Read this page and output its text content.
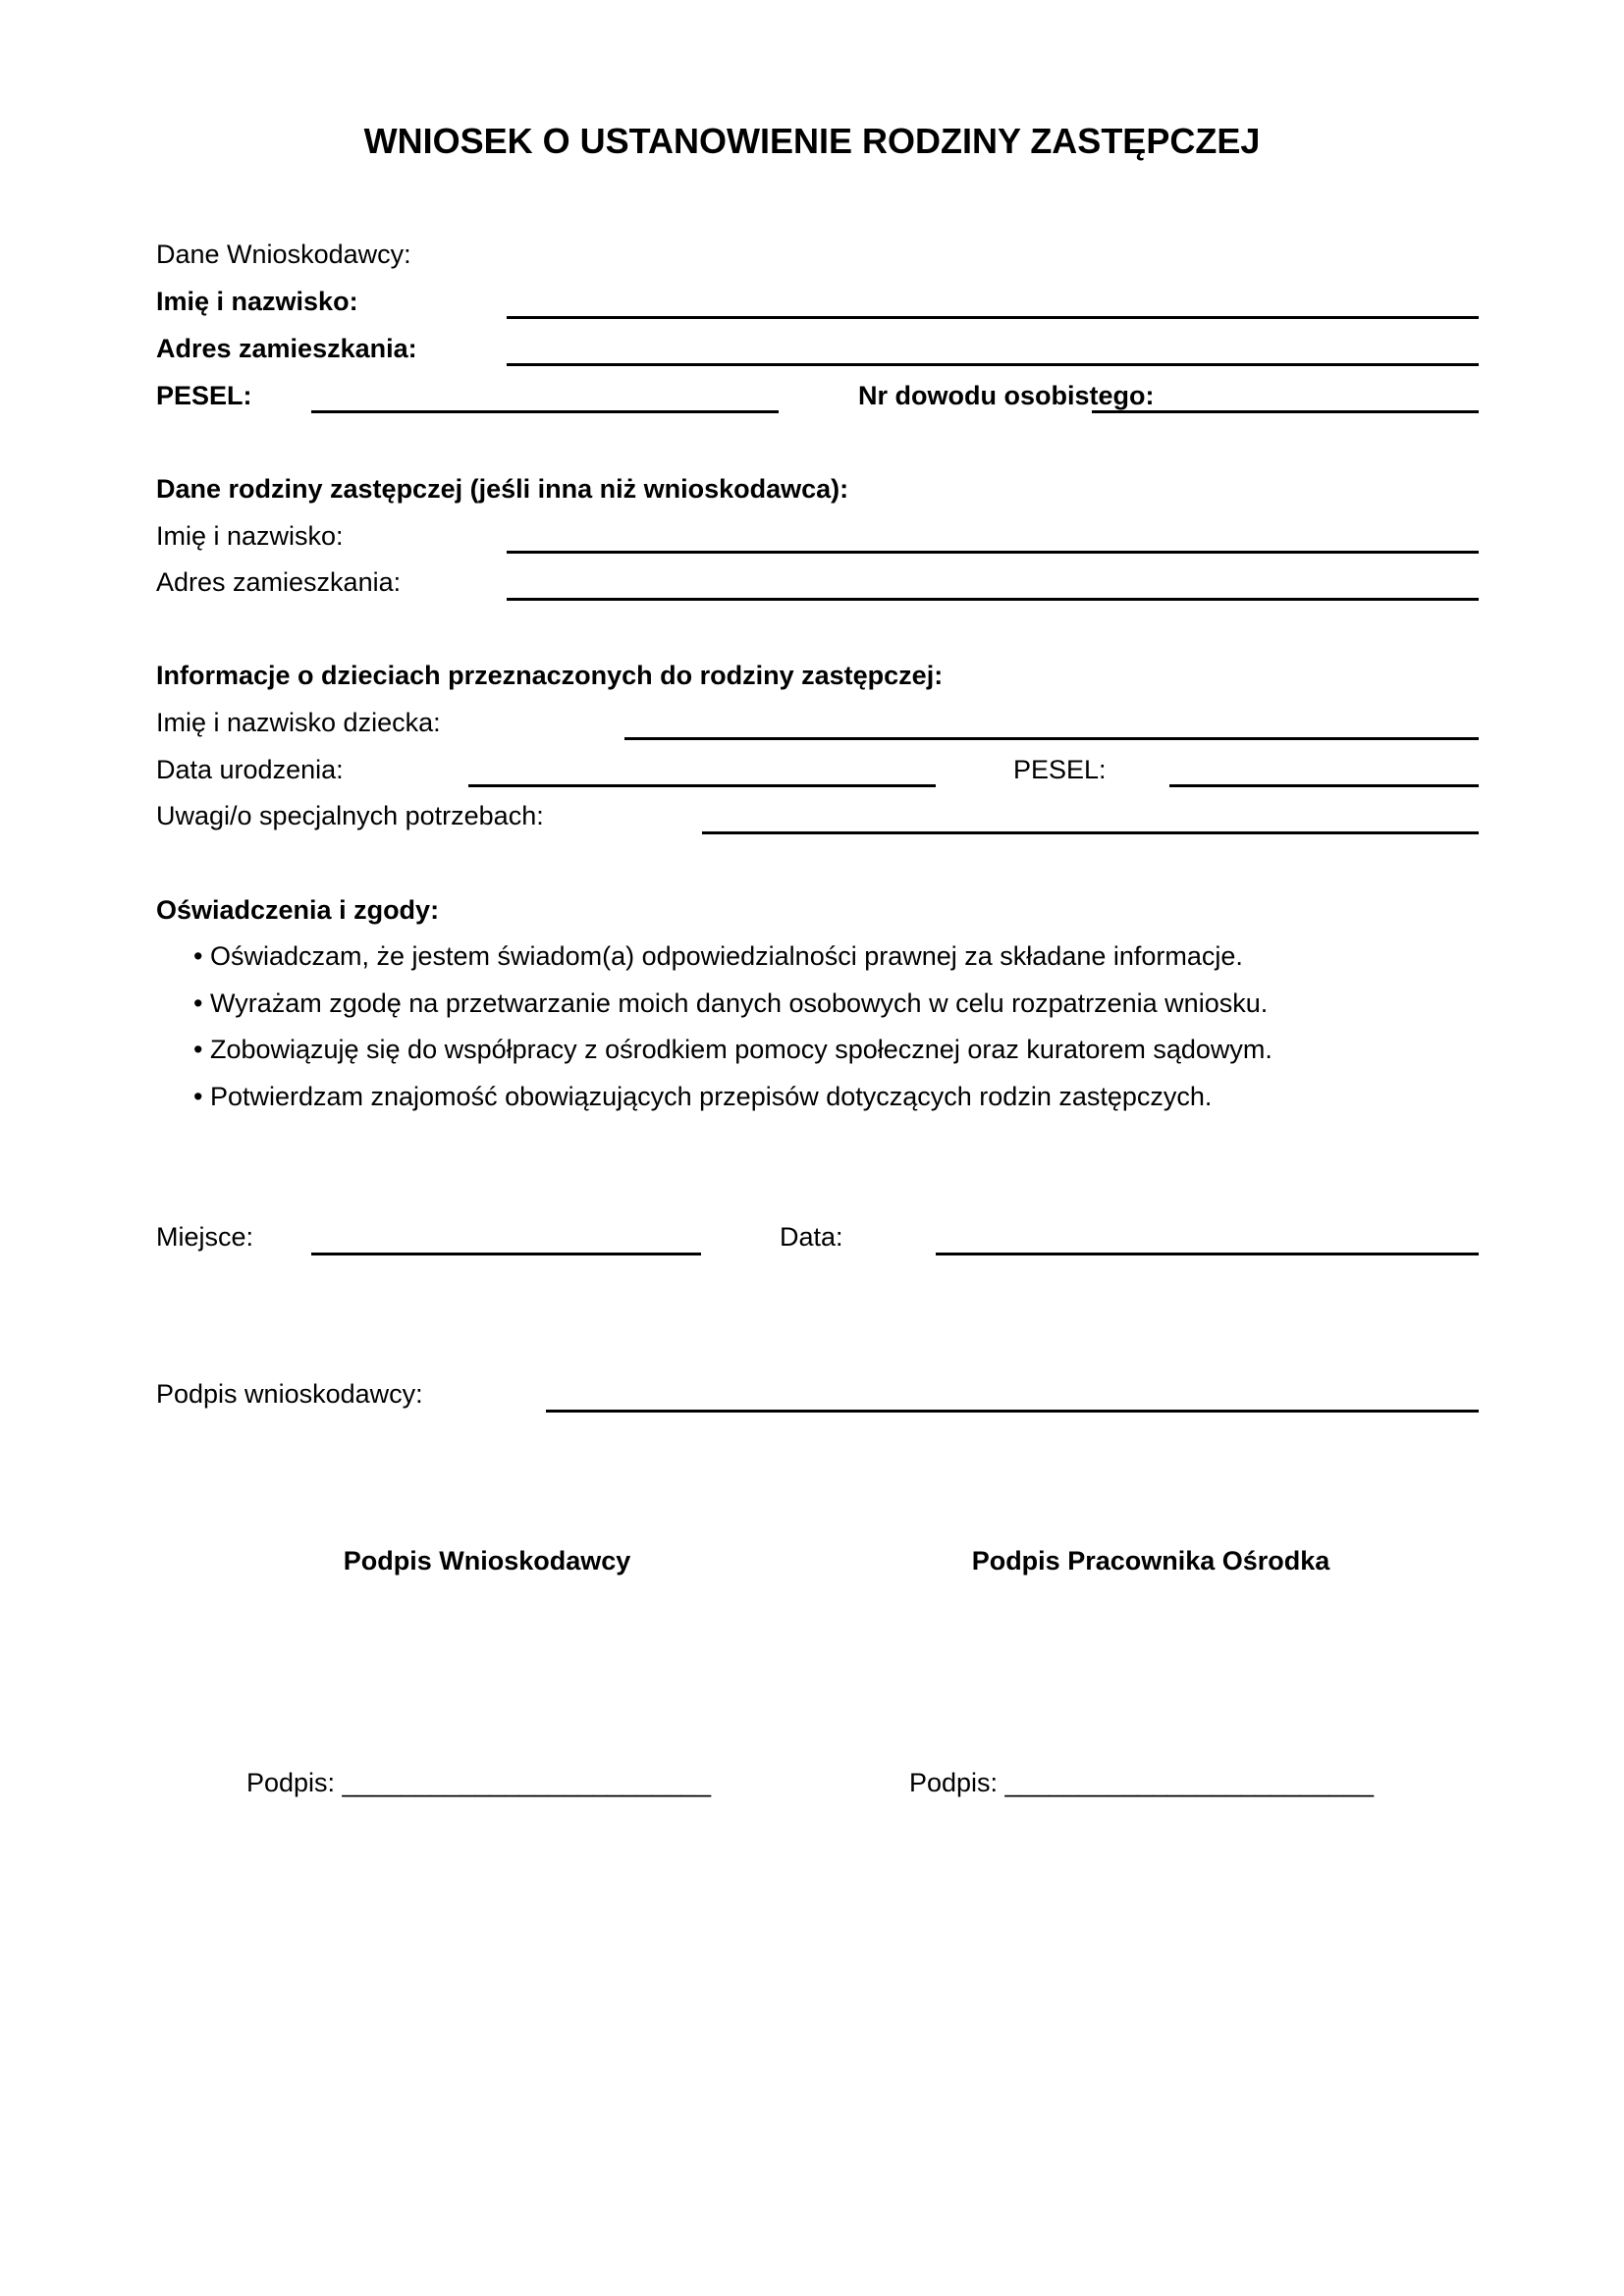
WNIOSEK O USTANOWIENIE RODZINY ZASTĘPCZEJ
Dane Wnioskodawcy:
Imię i nazwisko:
Adres zamieszkania:
PESEL:	Nr dowodu osobistego:
Dane rodziny zastępczej (jeśli inna niż wnioskodawca):
Imię i nazwisko:
Adres zamieszkania:
Informacje o dzieciach przeznaczonych do rodziny zastępczej:
Imię i nazwisko dziecka:
Data urodzenia:	PESEL:
Uwagi/o specjalnych potrzebach:
Oświadczenia i zgody:
• Oświadczam, że jestem świadom(a) odpowiedzialności prawnej za składane informacje.
• Wyrażam zgodę na przetwarzanie moich danych osobowych w celu rozpatrzenia wniosku.
• Zobowiązuję się do współpracy z ośrodkiem pomocy społecznej oraz kuratorem sądowym.
• Potwierdzam znajomość obowiązujących przepisów dotyczących rodzin zastępczych.
Miejsce:	Data:
Podpis wnioskodawcy:
Podpis Wnioskodawcy	Podpis Pracownika Ośrodka
Podpis: _________________________	Podpis: _________________________
